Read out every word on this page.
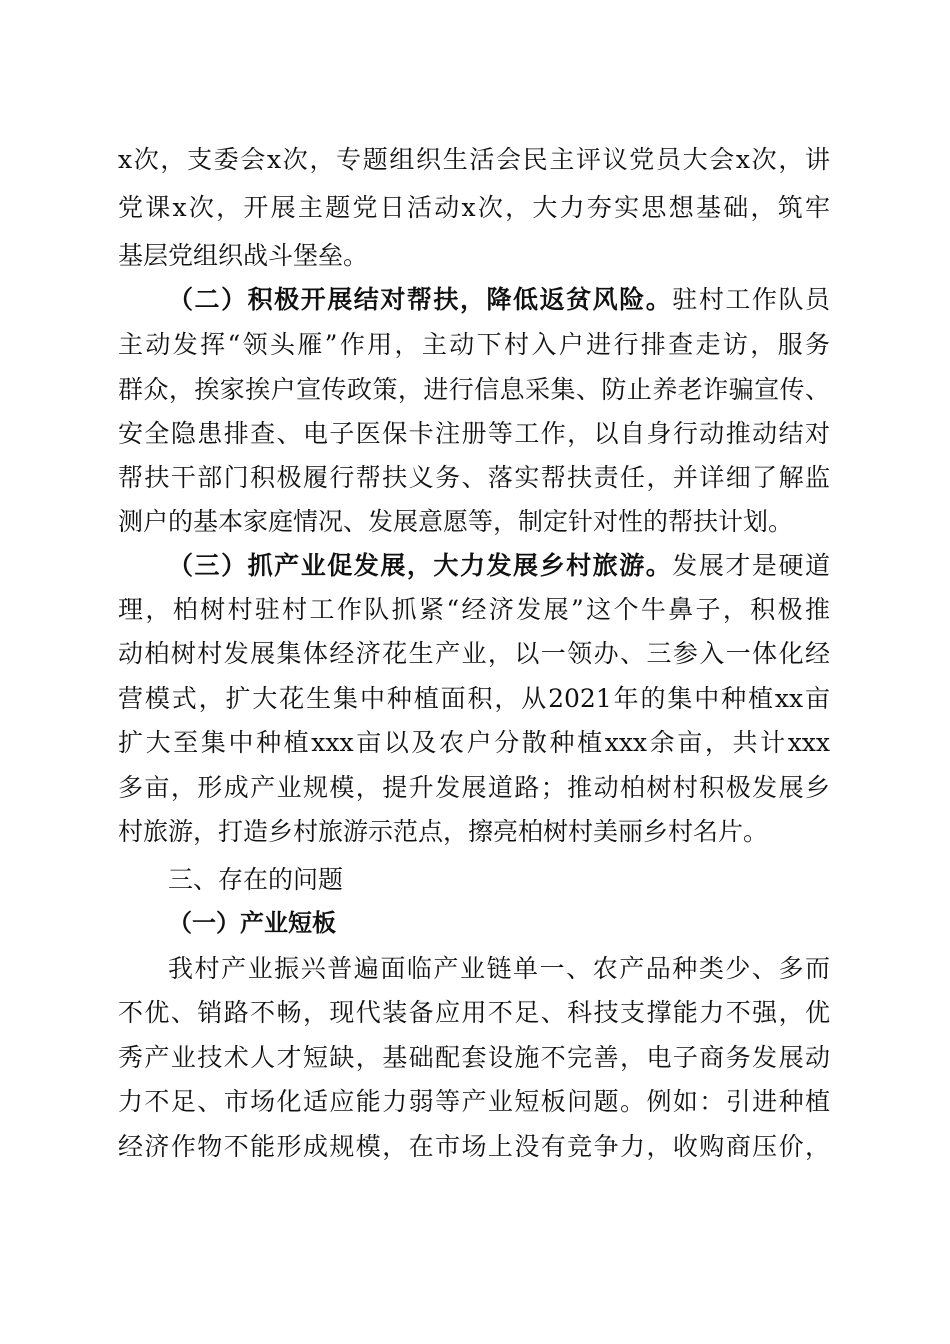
x次，支委会x次，专题组织生活会民主评议党员大会x次，讲
党课x次，开展主题党日活动x次，大力夯实思想基础，筑牢
基层党组织战斗堡垒。
（二）积极开展结对帮扶，降低返贫风险。驻村工作队员
主动发挥“领头雁”作用，主动下村入户进行排查走访，服务
群众，挨家挨户宣传政策，进行信息采集、防止养老诈骗宣传、
安全隐患排查、电子医保卡注册等工作，以自身行动推动结对
帮扶干部门积极履行帮扶义务、落实帮扶责任，并详细了解监
测户的基本家庭情况、发展意愿等，制定针对性的帮扶计划。
（三）抓产业促发展，大力发展乡村旅游。发展才是硬道
理，柏树村驻村工作队抓紧“经济发展”这个牛鼻子，积极推
动柏树村发展集体经济花生产业，以一领办、三参入一体化经
营模式，扩大花生集中种植面积，从2021年的集中种植xx亩
扩大至集中种植xxx亩以及农户分散种植xxx余亩，共计xxx
多亩，形成产业规模，提升发展道路；推动柏树村积极发展乡
村旅游，打造乡村旅游示范点，擦亮柏树村美丽乡村名片。
三、存在的问题
（一）产业短板
我村产业振兴普遍面临产业链单一、农产品种类少、多而
不优、销路不畅，现代装备应用不足、科技支撑能力不强，优
秀产业技术人才短缺，基础配套设施不完善，电子商务发展动
力不足、市场化适应能力弱等产业短板问题。例如：引进种植
经济作物不能形成规模，在市场上没有竞争力，收购商压价，
